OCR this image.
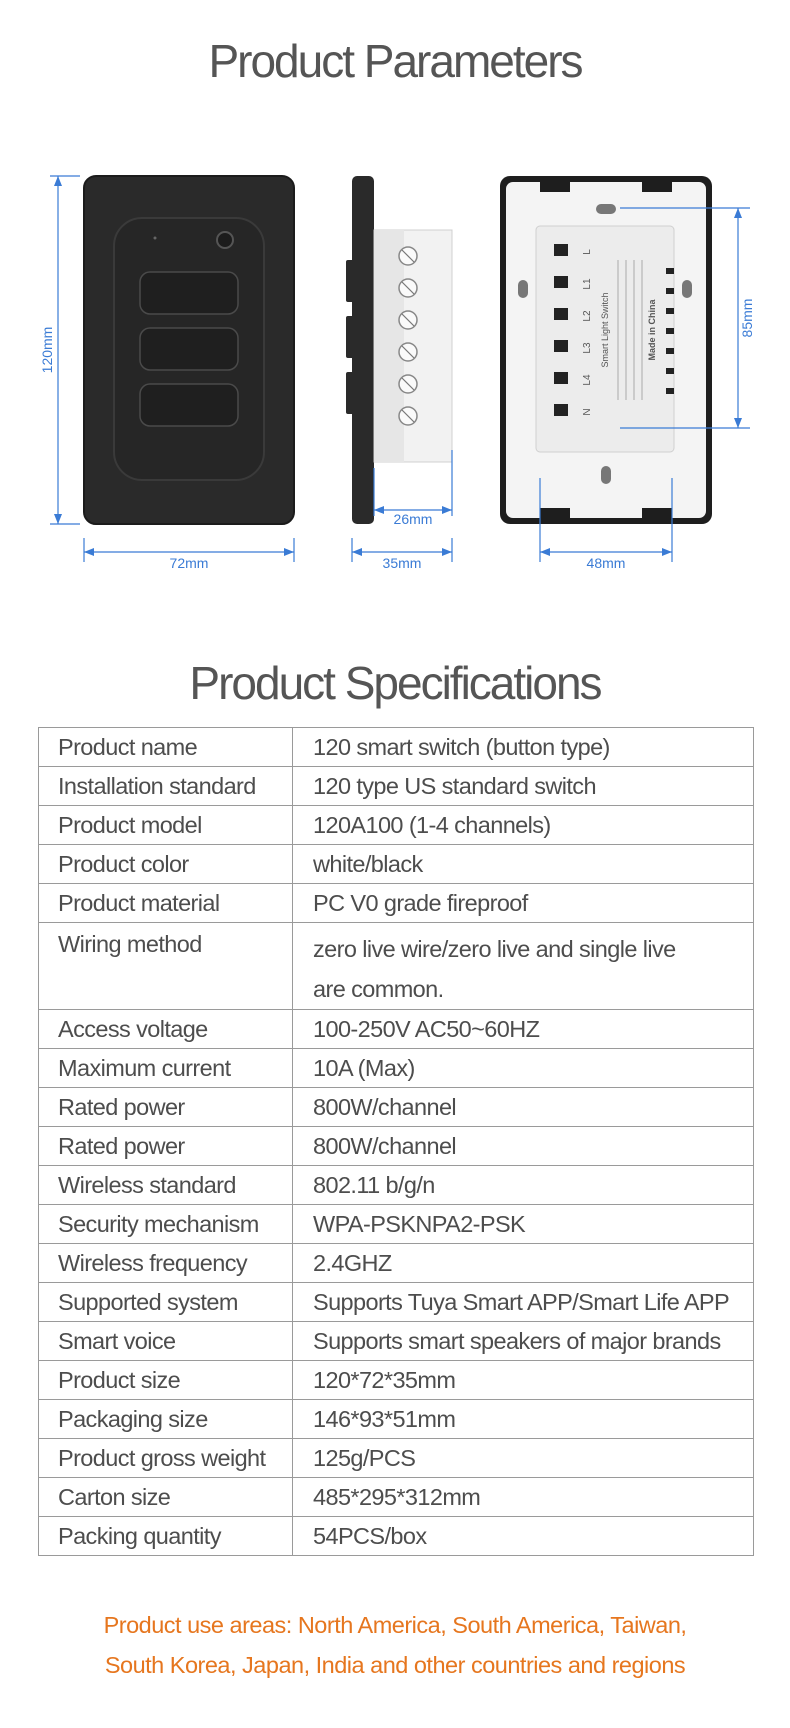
Product Parameters
120mm
72mm
26mm
35mm
L
L1
L2
L3
L4
N
Smart Light Switch	Made in China	85mm
48mm
Product Specifications
Product name	120 smart switch (button type)
Installation standard	120 type US standard switch
Product model	120A100 (1-4 channels)
Product color	white/black
Product material	PC V0 grade fireproof
Wiring method	zero live wire/zero live and single live
are common.

Access voltage	100-250V AC50~60HZ
Maximum current	10A (Max)
Rated power	800W/channel
Rated power	800W/channel
Wireless standard	802.11 b/g/n
Security mechanism	WPA-PSKNPA2-PSK
Wireless frequency	2.4GHZ
Supported system	Supports Tuya Smart APP/Smart Life APP
Smart voice	Supports smart speakers of major brands
Product size	120*72*35mm
Packaging size	146*93*51mm
Product gross weight	125g/PCS
Carton size	485*295*312mm
Packing quantity	54PCS/box
Product use areas: North America, South America, Taiwan,
South Korea, Japan, India and other countries and regions
